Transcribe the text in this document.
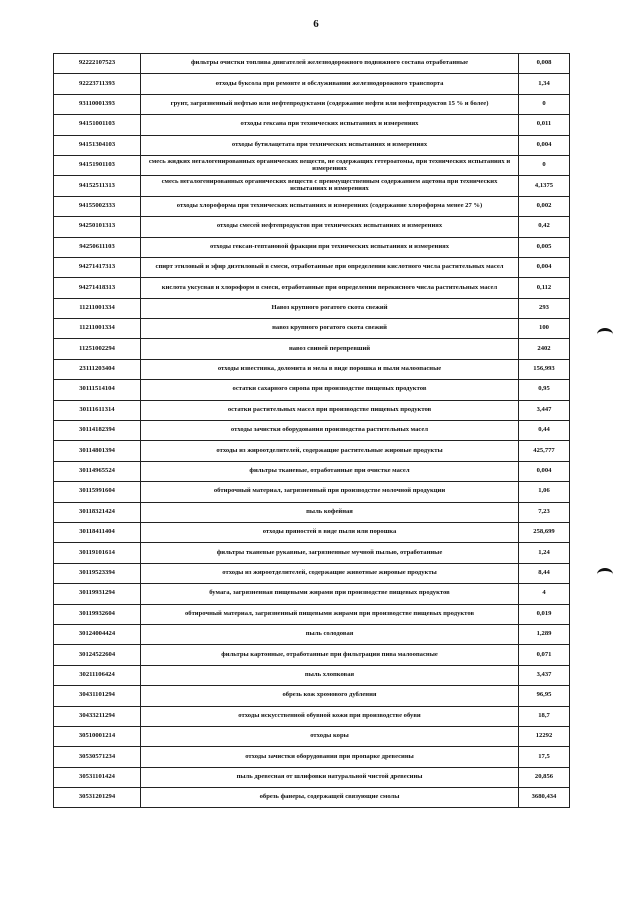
6
92222107523	фильтры очистки топлива двигателей железнодорожного подвижного состава отработанные	0,008
92223711393	отходы буксола при ремонте и обслуживании железнодорожного транспорта	1,34
93110001393	грунт, загрязненный нефтью или нефтепродуктами (содержание нефти или нефтепродуктов 15 % и более)	0
94151001103	отходы гексана при технических испытаниях и измерениях	0,011
94151304103	отходы бутилацетата при технических испытаниях и измерениях	0,004
94151901103	смесь жидких негалогенированных органических веществ, не содержащих гетероатомы, при технических испытаниях и измерениях	0
94152511313	смесь негалогенированных органических веществ с преимущественным содержанием ацетона при технических испытаниях и измерениях	4,1375
94155002333	отходы хлороформа при технических испытаниях и измерениях (содержание хлороформа менее 27 %)	0,002
94250101313	отходы смесей нефтепродуктов при технических испытаниях и измерениях	0,42
94250611103	отходы гексан-гептановой фракции при технических испытаниях и измерениях	0,005
94271417313	спирт этиловый и эфир диэтиловый в смеси, отработанные при определении кислотного числа растительных масел	0,004
94271418313	кислота уксусная и хлороформ в смеси, отработанные при определении перекисного числа растительных масел	0,112
11211001334	Навоз крупного рогатого скота свежий	293
11211001334	навоз крупного рогатого скота свежий	100
11251002294	навоз свиней перепревший	2402
23111203404	отходы известняка, доломита и мела в виде порошка и пыли малоопасные	156,993
30111514104	остатки сахарного сиропа при производстве пищевых продуктов	0,95
30111611314	остатки растительных масел при производстве пищевых продуктов	3,447
30114182394	отходы зачистки оборудования производства растительных масел	0,44
30114801394	отходы из жироотделителей, содержащие растительные жировые продукты	425,777
30114965524	фильтры тканевые, отработанные при очистке масел	0,004
30115991604	обтирочный материал, загрязненный при производстве молочной продукции	1,06
30118321424	пыль кофейная	7,23
30118411404	отходы пряностей в виде пыли или порошка	258,699
30119101614	фильтры тканевые рукавные, загрязненные мучной пылью, отработанные	1,24
30119523394	отходы из жироотделителей, содержащие животные жировые продукты	8,44
30119931294	бумага, загрязненная пищевыми жирами при производстве пищевых продуктов	4
30119932604	обтирочный материал, загрязненный пищевыми жирами при производстве пищевых продуктов	0,019
30124004424	пыль солодовая	1,289
30124522604	фильтры картонные, отработанные при фильтрации пива малоопасные	0,071
30211106424	пыль хлопковая	3,437
30431101294	обрезь кож хромового дубления	96,95
30433211294	отходы искусственной обувной кожи при производстве обуви	18,7
30510001214	отходы коры	12292
30530571234	отходы зачистки оборудования при пропарке древесины	17,5
30531101424	пыль древесная от шлифовки натуральной чистой древесины	20,856
30531201294	обрезь фанеры, содержащей связующие смолы	3680,434
